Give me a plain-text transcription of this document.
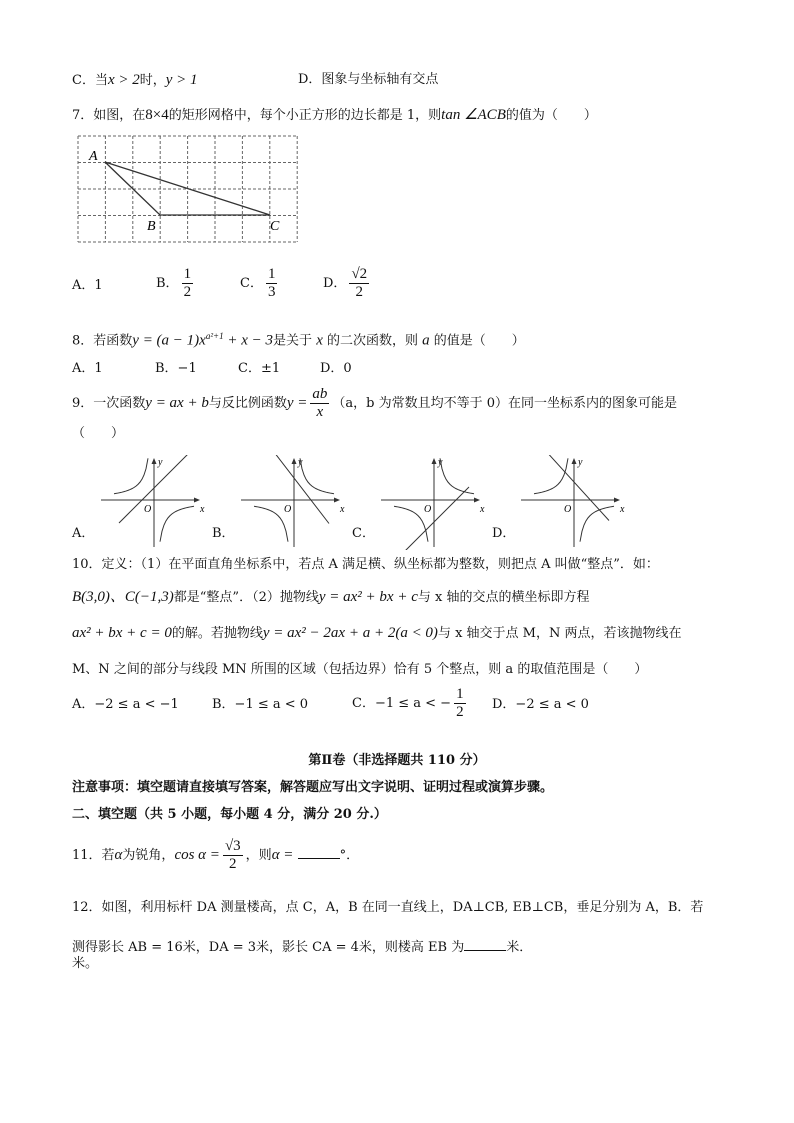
C．当x > 2时，y > 1	D．图象与坐标轴有交点
7．如图，在8×4的矩形网格中，每个小正方形的边长都是 1，则tan ∠ACB的值为（　　）
A
B	C
A．1	B． $\frac{1}{2}$	C． $\frac{1}{3}$	D． $\frac{√2}{2}$
8．若函数$y = (a - 1)x^{a^2+1} + x - 3$是关于 x 的二次函数，则 a 的值是（　　）
A．1	B．−1	C．±1	D．0
9．一次函数y = ax + b与反比例函数$y = \frac{ab}{x} (a$，b 为常数且均不等于 0）在同一坐标系内的图象可能是
（　　）
A．
O	x
y
B．
O	x
y
C．
O	x
y
D．
O	x
y
10．定义：（1）在平面直角坐标系中，若点 A 满足横、纵坐标都为整数，则把点 A 叫做“整点”．如：
B(3,0)、C(−1,3)都是“整点”．（2）抛物线y = ax² + bx + c与 x 轴的交点的横坐标即方程
ax² + bx + c = 0的解。若抛物线y = ax² − 2ax + a + 2(a < 0)与 x 轴交于点 M，N 两点，若该抛物线在
M、N 之间的部分与线段 MN 所围的区域（包括边界）恰有 5 个整点，则 a 的取值范围是（　　）
A．−2 ≤ a < −1	B．−1 ≤ a < 0	C．−1 ≤ a < − $\frac{1}{2}$ D．−2 ≤ a < 0
第Ⅱ卷（非选择题共 110 分）
注意事项：填空题请直接填写答案，解答题应写出文字说明、证明过程或演算步骤。
二、填空题（共 5 小题，每小题 4 分，满分 20 分.）
11．若α为锐角，$\cos \alpha = \frac{√3}{2}$ ，则α =	°．
12．如图，利用标杆 DA 测量楼高，点 C，A，B 在同一直线上，DA⊥CB, EB⊥CB，垂足分别为 A，B．若
测得影长 AB = 16米，DA = 3米，影长 CA = 4米，则楼高 EB 为	米．
米。
